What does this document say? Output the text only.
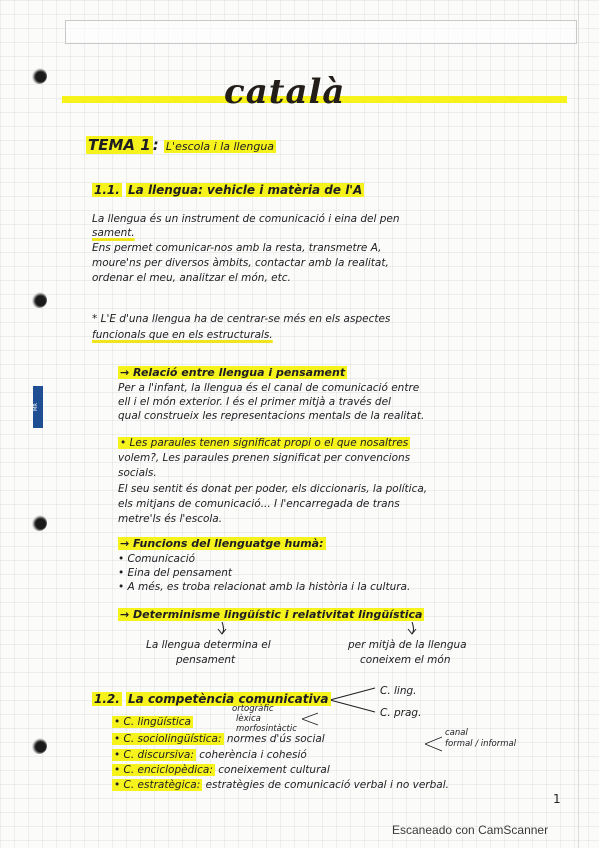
MR
català
TEMA 1 : L'escola i la llengua
1.1. La llengua: vehicle i matèria de l'A
La llengua és un instrument de comunicació i eina del pen
sament.
Ens permet comunicar-nos amb la resta, transmetre A,
moure'ns per diversos àmbits, contactar amb la realitat,
ordenar el meu, analitzar el món, etc.
* L'E d'una llengua ha de centrar-se més en els aspectes
funcionals que en els estructurals.
→ Relació entre llengua i pensament
Per a l'infant, la llengua és el canal de comunicació entre
ell i el món exterior. I és el primer mitjà a través del
qual construeix les representacions mentals de la realitat.
• Les paraules tenen significat propi o el que nosaltres
volem?, Les paraules prenen significat per convencions
socials.
El seu sentit és donat per poder, els diccionaris, la política,
els mitjans de comunicació... I l'encarregada de trans
metre'ls és l'escola.
→ Funcions del llenguatge humà:
• Comunicació
• Eina del pensament
• A més, es troba relacionat amb la història i la cultura.
→ Determinisme lingüístic i relativitat lingüística
La llengua determina el
pensament
per mitjà de la llengua
coneixem el món
1.2. La competència comunicativa
C. ling.
C. prag.
ortogràfic
lèxica
morfosintàctic
• C. lingüística
• C. sociolingüística: normes d'ús social
• C. discursiva: coherència i cohesió
• C. enciclopèdica: coneixement cultural
• C. estratègica: estratègies de comunicació verbal i no verbal.
canal
formal / informal
1
Escaneado con CamScanner
